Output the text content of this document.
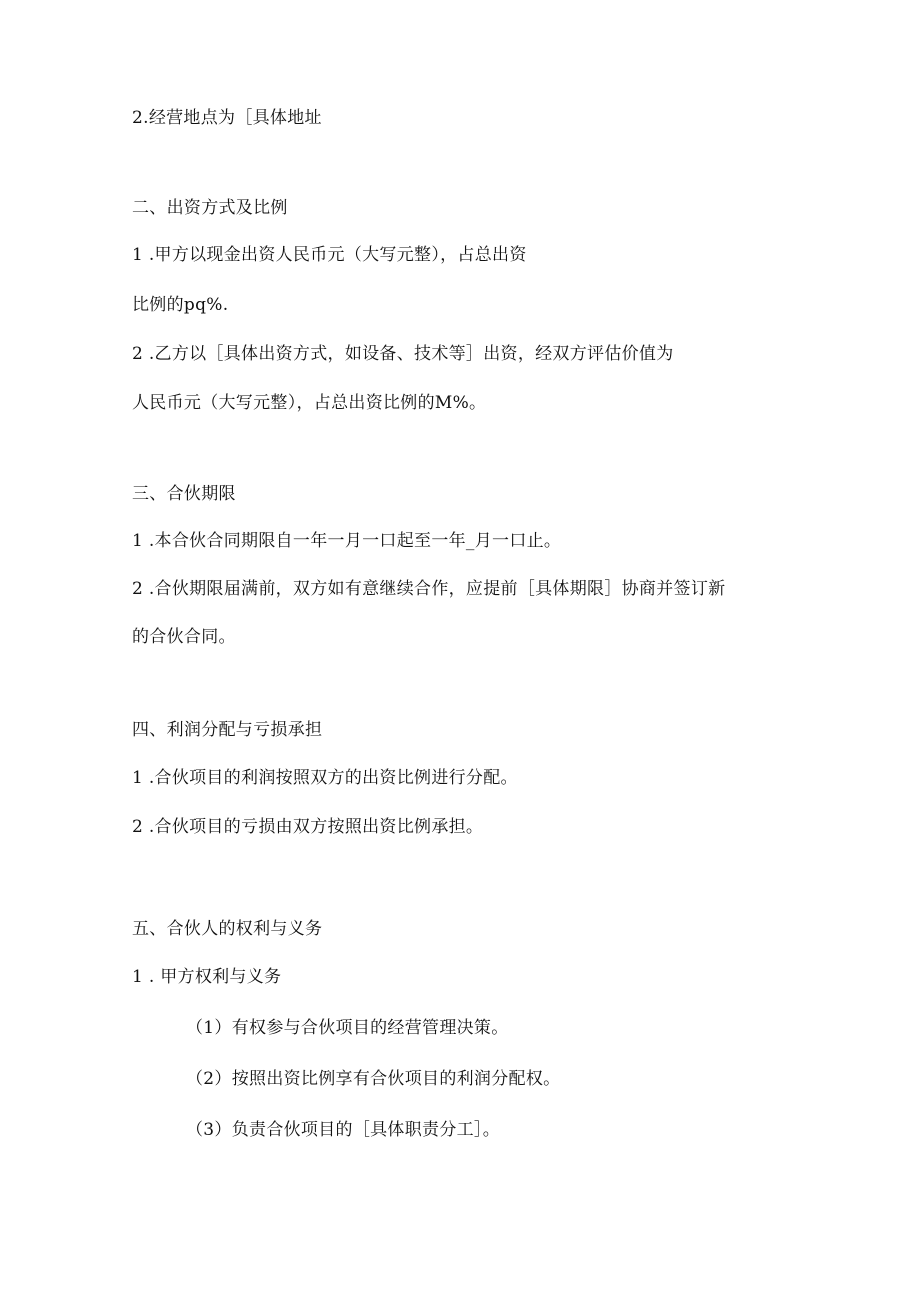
2.经营地点为［具体地址
二、出资方式及比例
1 .甲方以现金出资人民币元（大写元整），占总出资
比例的pq%.
2 .乙方以［具体出资方式，如设备、技术等］出资，经双方评估价值为
人民币元（大写元整），占总出资比例的M%。
三、合伙期限
1 .本合伙合同期限自一年一月一口起至一年_月一口止。
2 .合伙期限届满前，双方如有意继续合作，应提前［具体期限］协商并签订新
的合伙合同。
四、利润分配与亏损承担
1 .合伙项目的利润按照双方的出资比例进行分配。
2 .合伙项目的亏损由双方按照出资比例承担。
五、合伙人的权利与义务
1 . 甲方权利与义务
（1）有权参与合伙项目的经营管理决策。
（2）按照出资比例享有合伙项目的利润分配权。
（3）负责合伙项目的［具体职责分工］。
